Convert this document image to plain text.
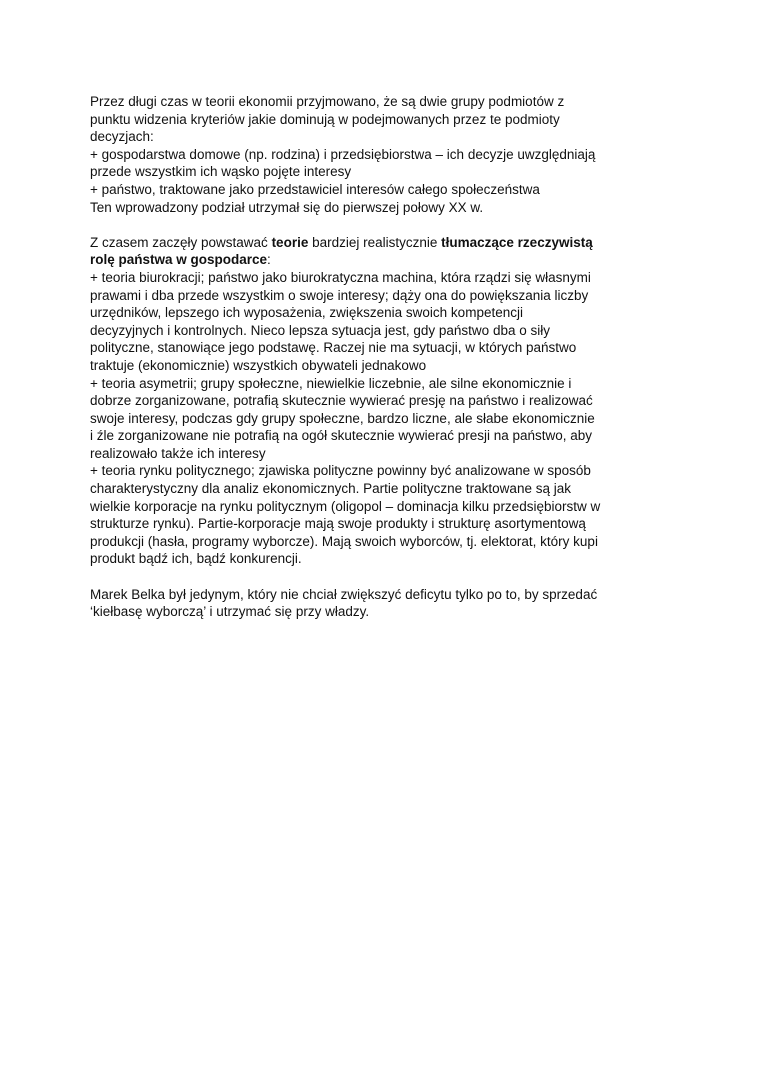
Przez długi czas w teorii ekonomii przyjmowano, że są dwie grupy podmiotów z
punktu widzenia kryteriów jakie dominują w podejmowanych przez te podmioty
decyzjach:
+ gospodarstwa domowe (np. rodzina) i przedsiębiorstwa – ich decyzje uwzględniają
przede wszystkim ich wąsko pojęte interesy
+ państwo, traktowane jako przedstawiciel interesów całego społeczeństwa
Ten wprowadzony podział utrzymał się do pierwszej połowy XX w.

Z czasem zaczęły powstawać teorie bardziej realistycznie tłumaczące rzeczywistą
rolę państwa w gospodarce:
+ teoria biurokracji; państwo jako biurokratyczna machina, która rządzi się własnymi
prawami i dba przede wszystkim o swoje interesy; dąży ona do powiększania liczby
urzędników, lepszego ich wyposażenia, zwiększenia swoich kompetencji
decyzyjnych i kontrolnych. Nieco lepsza sytuacja jest, gdy państwo dba o siły
polityczne, stanowiące jego podstawę. Raczej nie ma sytuacji, w których państwo
traktuje (ekonomicznie) wszystkich obywateli jednakowo
+ teoria asymetrii; grupy społeczne, niewielkie liczebnie, ale silne ekonomicznie i
dobrze zorganizowane, potrafią skutecznie wywierać presję na państwo i realizować
swoje interesy, podczas gdy grupy społeczne, bardzo liczne, ale słabe ekonomicznie
i źle zorganizowane nie potrafią na ogół skutecznie wywierać presji na państwo, aby
realizowało także ich interesy
+ teoria rynku politycznego; zjawiska polityczne powinny być analizowane w sposób
charakterystyczny dla analiz ekonomicznych. Partie polityczne traktowane są jak
wielkie korporacje na rynku politycznym (oligopol – dominacja kilku przedsiębiorstw w
strukturze rynku). Partie-korporacje mają swoje produkty i strukturę asortymentową
produkcji (hasła, programy wyborcze). Mają swoich wyborców, tj. elektorat, który kupi
produkt bądź ich, bądź konkurencji.

Marek Belka był jedynym, który nie chciał zwiększyć deficytu tylko po to, by sprzedać
‘kiełbasę wyborczą’ i utrzymać się przy władzy.
